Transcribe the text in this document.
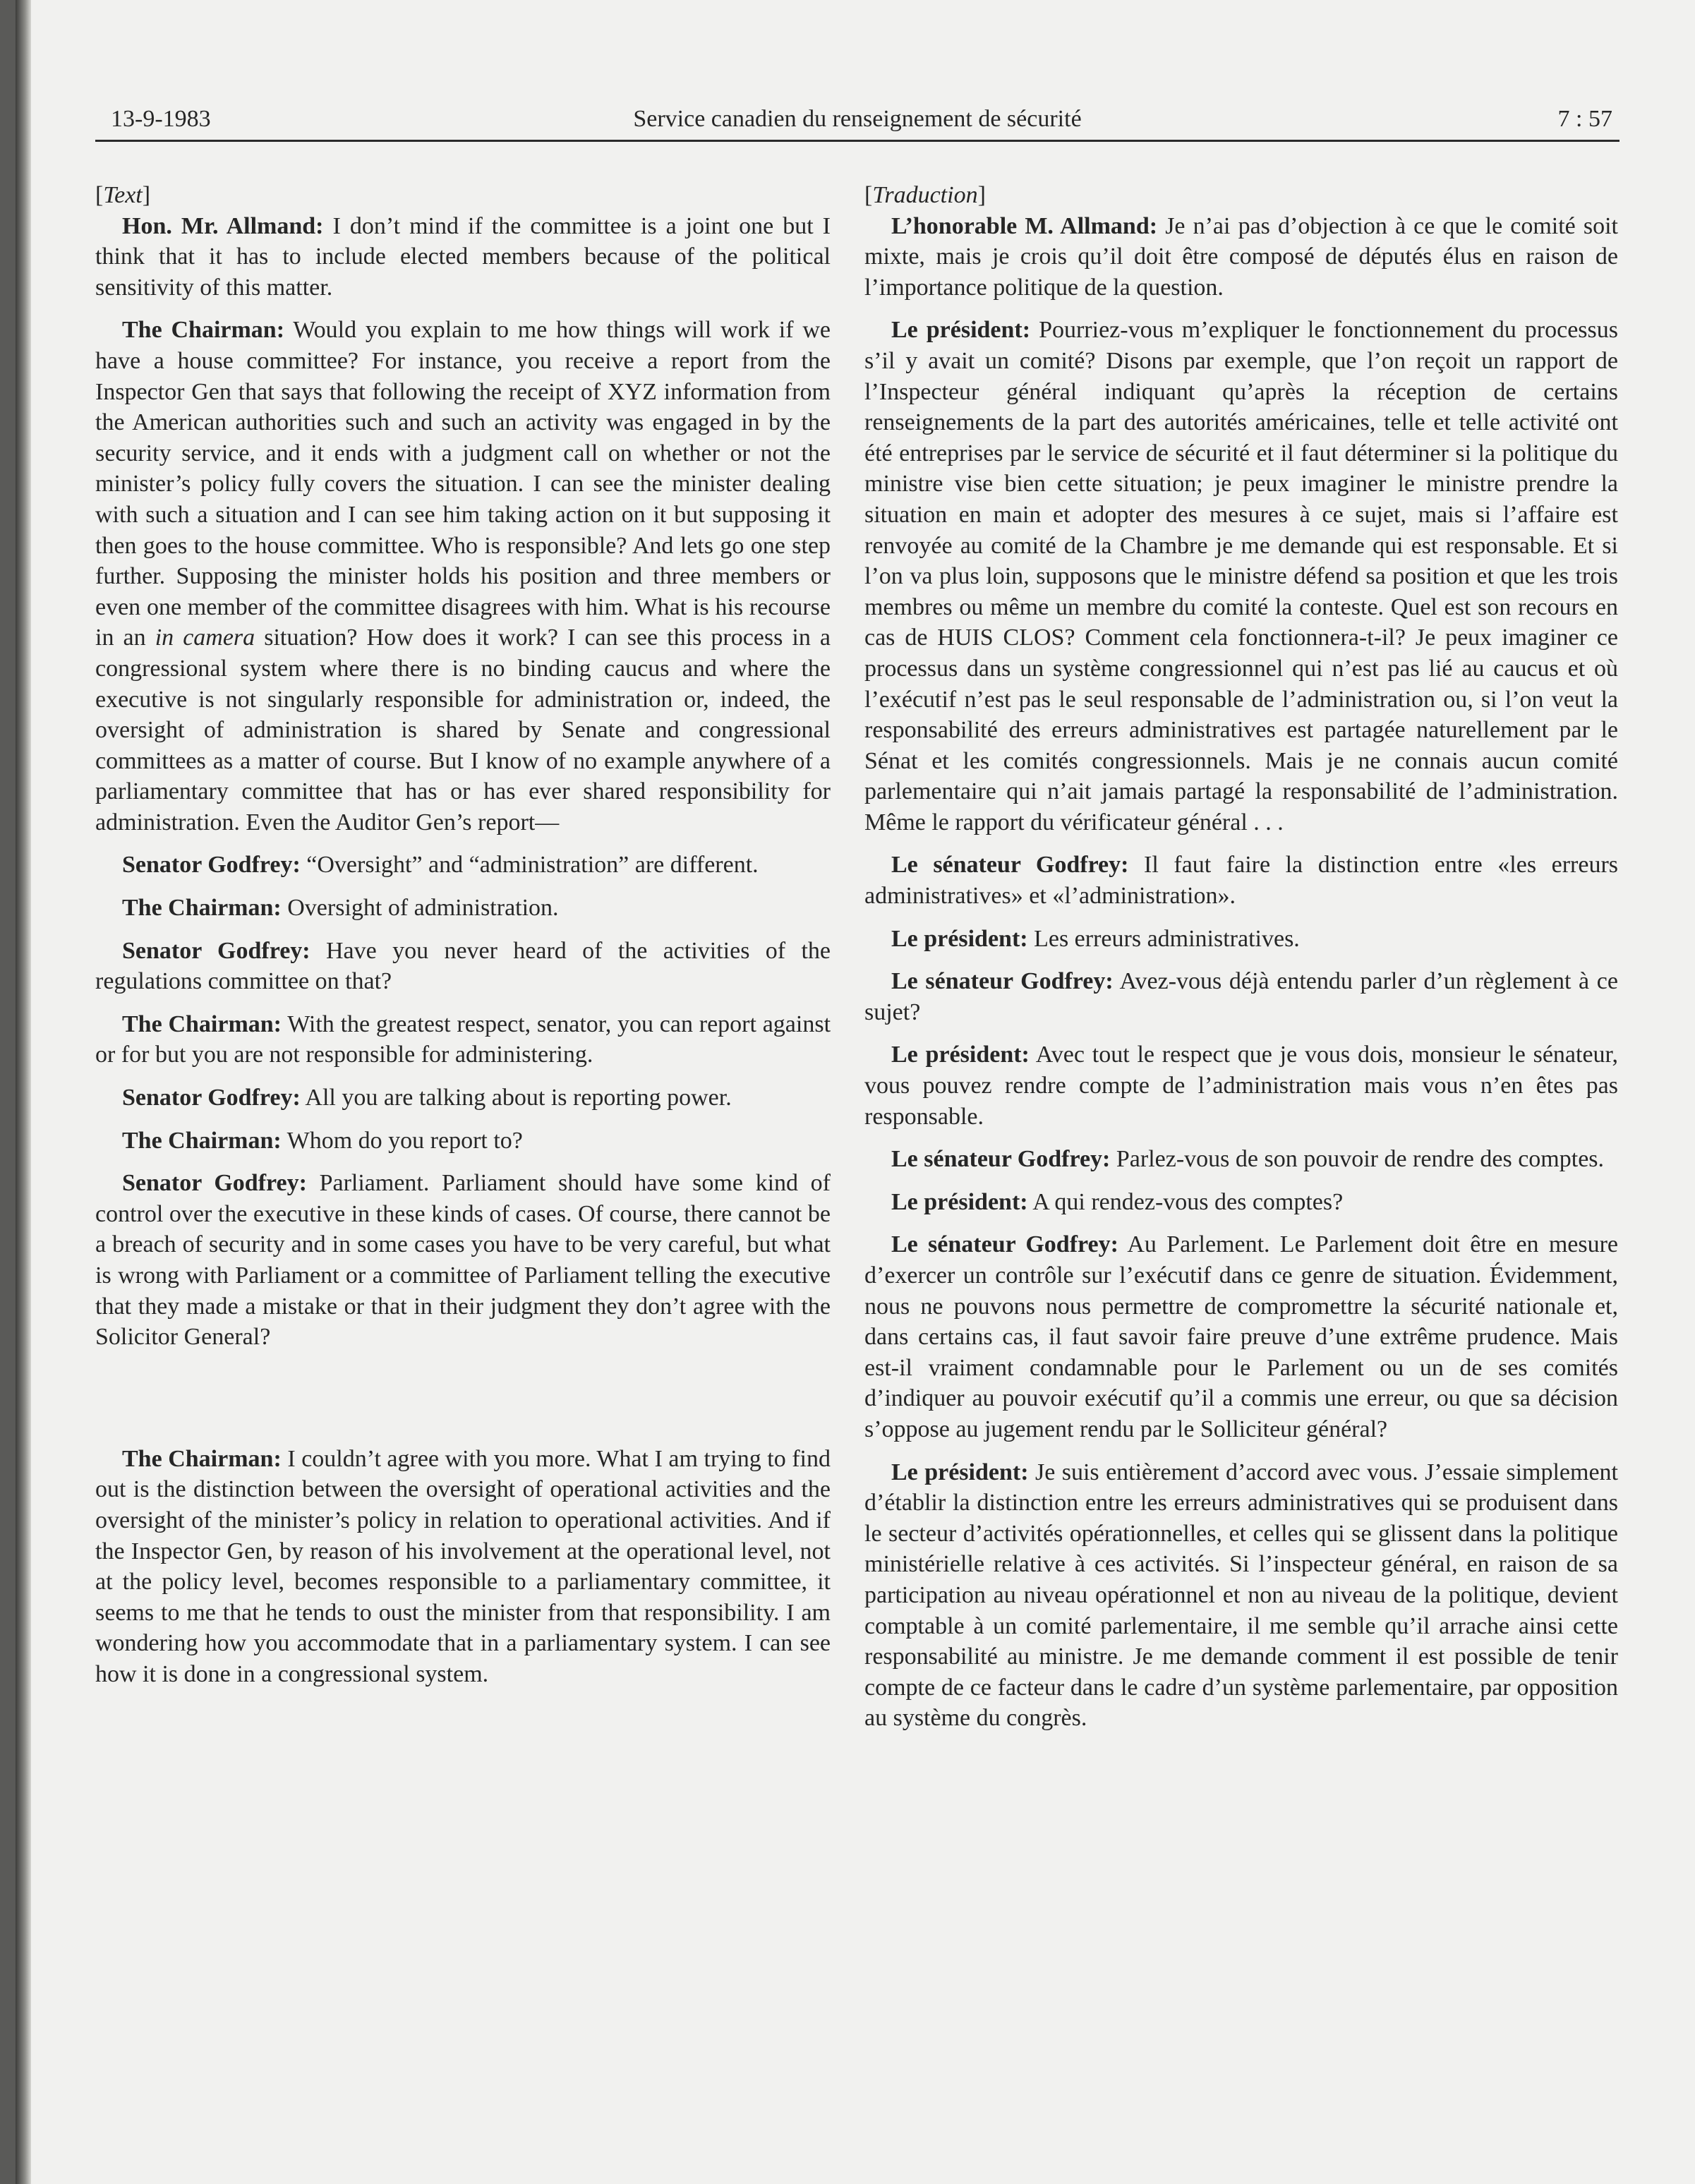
13-9-1983	Service canadien du renseignement de sécurité	7 : 57
[Text]

Hon. Mr. Allmand: I don’t mind if the committee is a joint one but I think that it has to include elected members because of the political sensitivity of this matter.

The Chairman: Would you explain to me how things will work if we have a house committee? For instance, you receive a report from the Inspector Gen that says that following the receipt of XYZ information from the American authorities such and such an activity was engaged in by the security service, and it ends with a judgment call on whether or not the minister’s policy fully covers the situation. I can see the minister dealing with such a situation and I can see him taking action on it but supposing it then goes to the house committee. Who is responsible? And lets go one step further. Supposing the minister holds his position and three members or even one member of the committee disagrees with him. What is his recourse in an in camera situation? How does it work? I can see this process in a congressional system where there is no binding caucus and where the executive is not singularly responsible for administration or, indeed, the oversight of administration is shared by Senate and congressional committees as a matter of course. But I know of no example anywhere of a parliamentary committee that has or has ever shared responsibility for administration. Even the Auditor Gen’s report—

Senator Godfrey: “Oversight” and “administration” are different.

The Chairman: Oversight of administration.

Senator Godfrey: Have you never heard of the activities of the regulations committee on that?

The Chairman: With the greatest respect, senator, you can report against or for but you are not responsible for administering.

Senator Godfrey: All you are talking about is reporting power.

The Chairman: Whom do you report to?

Senator Godfrey: Parliament. Parliament should have some kind of control over the executive in these kinds of cases. Of course, there cannot be a breach of security and in some cases you have to be very careful, but what is wrong with Parliament or a committee of Parliament telling the executive that they made a mistake or that in their judgment they don’t agree with the Solicitor General?

The Chairman: I couldn’t agree with you more. What I am trying to find out is the distinction between the oversight of operational activities and the oversight of the minister’s policy in relation to operational activities. And if the Inspector Gen, by reason of his involvement at the operational level, not at the policy level, becomes responsible to a parliamentary committee, it seems to me that he tends to oust the minister from that responsibility. I am wondering how you accommodate that in a parliamentary system. I can see how it is done in a congressional system.

[Traduction]

L’honorable M. Allmand: Je n’ai pas d’objection à ce que le comité soit mixte, mais je crois qu’il doit être composé de députés élus en raison de l’importance politique de la question.

Le président: Pourriez-vous m’expliquer le fonctionnement du processus s’il y avait un comité? Disons par exemple, que l’on reçoit un rapport de l’Inspecteur général indiquant qu’après la réception de certains renseignements de la part des autorités américaines, telle et telle activité ont été entreprises par le service de sécurité et il faut déterminer si la politique du ministre vise bien cette situation; je peux imaginer le ministre prendre la situation en main et adopter des mesures à ce sujet, mais si l’affaire est renvoyée au comité de la Chambre je me demande qui est responsable. Et si l’on va plus loin, supposons que le ministre défend sa position et que les trois membres ou même un membre du comité la conteste. Quel est son recours en cas de HUIS CLOS? Comment cela fonctionnera-t-il? Je peux imaginer ce processus dans un système congressionnel qui n’est pas lié au caucus et où l’exécutif n’est pas le seul responsable de l’administration ou, si l’on veut la responsabilité des erreurs administratives est partagée naturellement par le Sénat et les comités congressionnels. Mais je ne connais aucun comité parlementaire qui n’ait jamais partagé la responsabilité de l’administration. Même le rapport du vérificateur général . . .

Le sénateur Godfrey: Il faut faire la distinction entre «les erreurs administratives» et «l’administration».

Le président: Les erreurs administratives.

Le sénateur Godfrey: Avez-vous déjà entendu parler d’un règlement à ce sujet?

Le président: Avec tout le respect que je vous dois, monsieur le sénateur, vous pouvez rendre compte de l’administration mais vous n’en êtes pas responsable.

Le sénateur Godfrey: Parlez-vous de son pouvoir de rendre des comptes.

Le président: A qui rendez-vous des comptes?

Le sénateur Godfrey: Au Parlement. Le Parlement doit être en mesure d’exercer un contrôle sur l’exécutif dans ce genre de situation. Évidemment, nous ne pouvons nous permettre de compromettre la sécurité nationale et, dans certains cas, il faut savoir faire preuve d’une extrême prudence. Mais est-il vraiment condamnable pour le Parlement ou un de ses comités d’indiquer au pouvoir exécutif qu’il a commis une erreur, ou que sa décision s’oppose au jugement rendu par le Solliciteur général?

Le président: Je suis entièrement d’accord avec vous. J’essaie simplement d’établir la distinction entre les erreurs administratives qui se produisent dans le secteur d’activités opérationnelles, et celles qui se glissent dans la politique ministérielle relative à ces activités. Si l’inspecteur général, en raison de sa participation au niveau opérationnel et non au niveau de la politique, devient comptable à un comité parlementaire, il me semble qu’il arrache ainsi cette responsabilité au ministre. Je me demande comment il est possible de tenir compte de ce facteur dans le cadre d’un système parlementaire, par opposition au système du congrès.
